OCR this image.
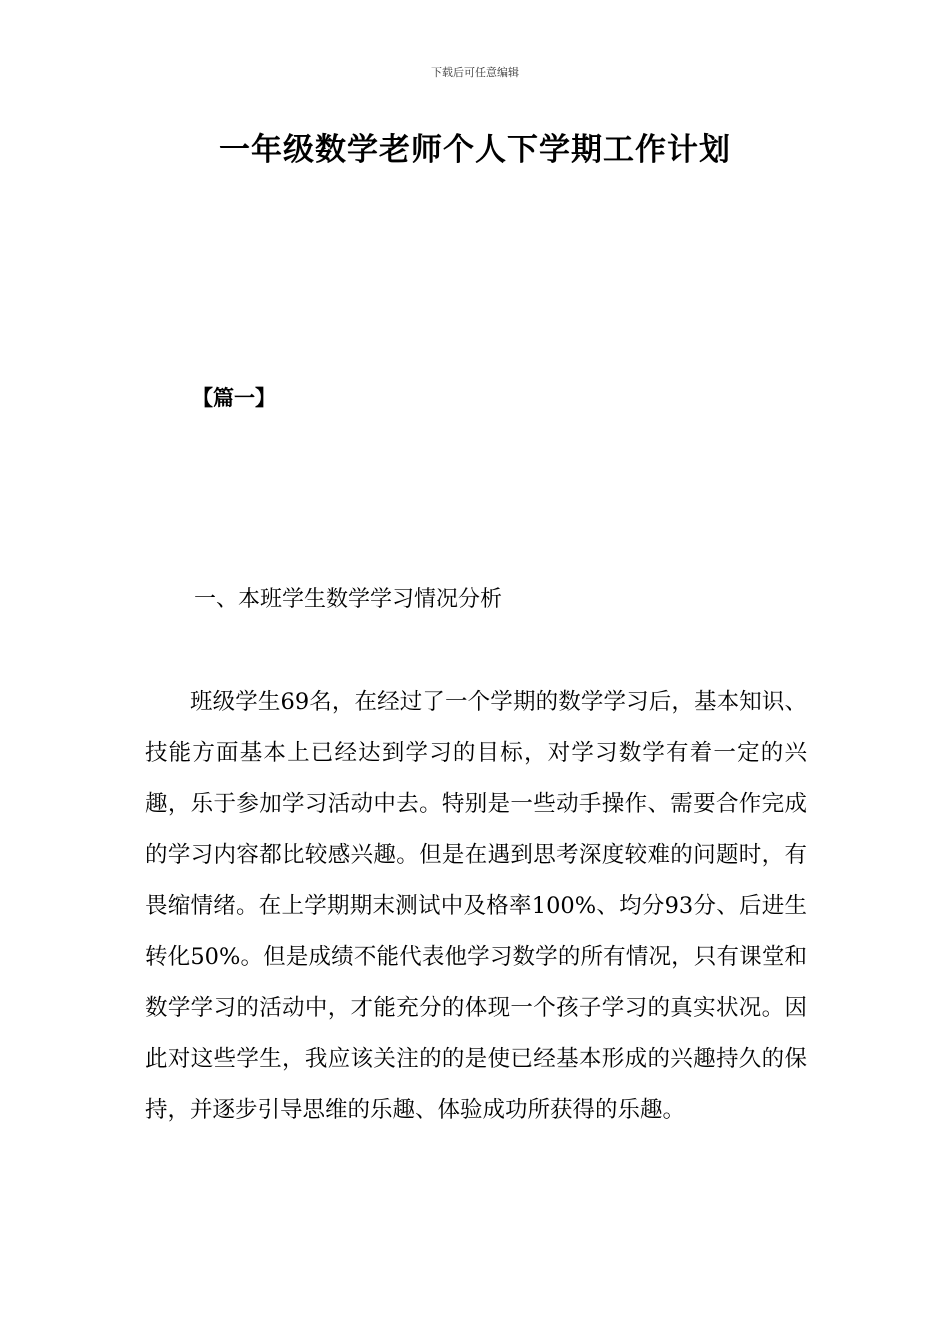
下载后可任意编辑
一年级数学老师个人下学期工作计划
【篇一】
一、本班学生数学学习情况分析

班级学生69名，在经过了一个学期的数学学习后，基本知识、技能方面基本上已经达到学习的目标，对学习数学有着一定的兴趣，乐于参加学习活动中去。特别是一些动手操作、需要合作完成的学习内容都比较感兴趣。但是在遇到思考深度较难的问题时，有畏缩情绪。在上学期期末测试中及格率100%、均分93分、后进生转化50%。但是成绩不能代表他学习数学的所有情况，只有课堂和数学学习的活动中，才能充分的体现一个孩子学习的真实状况。因此对这些学生，我应该关注的的是使已经基本形成的兴趣持久的保持，并逐步引导思维的乐趣、体验成功所获得的乐趣。
